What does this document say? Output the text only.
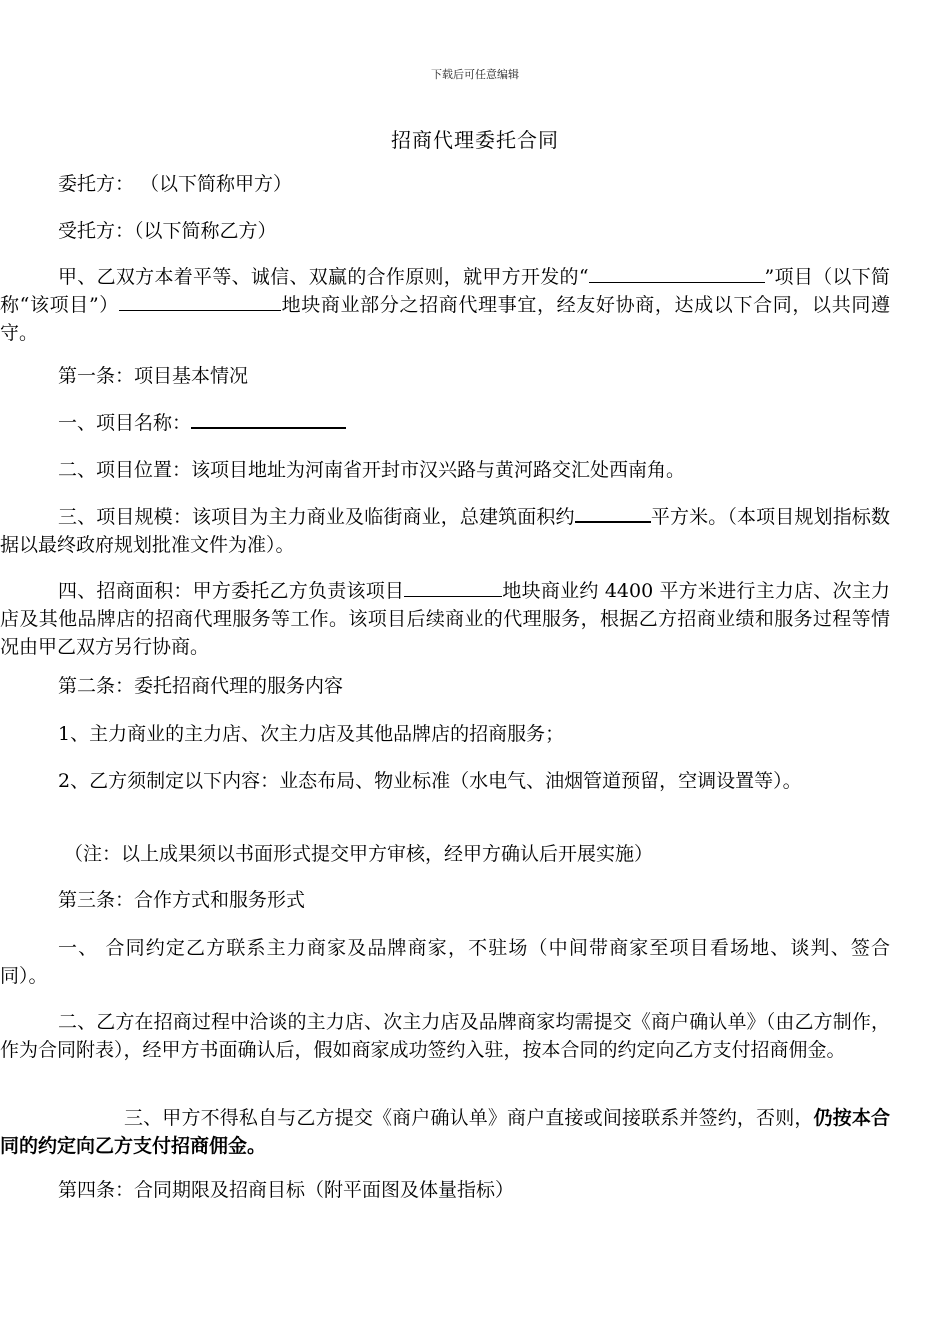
下载后可任意编辑
招商代理委托合同

委托方： （以下简称甲方）

受托方：（以下简称乙方）

甲、乙双方本着平等、诚信、双赢的合作原则，就甲方开发的“	”项目（以下简称“该项目”）	地块商业部分之招商代理事宜，经友好协商，达成以下合同，以共同遵守。

第一条：项目基本情况

一、项目名称：

二、项目位置：该项目地址为河南省开封市汉兴路与黄河路交汇处西南角。

三、项目规模：该项目为主力商业及临街商业，总建筑面积约	平方米。（本项目规划指标数据以最终政府规划批准文件为准）。

四、招商面积：甲方委托乙方负责该项目	地块商业约 4400 平方米进行主力店、次主力店及其他品牌店的招商代理服务等工作。该项目后续商业的代理服务，根据乙方招商业绩和服务过程等情况由甲乙双方另行协商。

第二条：委托招商代理的服务内容

1、主力商业的主力店、次主力店及其他品牌店的招商服务；

2、乙方须制定以下内容：业态布局、物业标准（水电气、油烟管道预留，空调设置等）。

（注：以上成果须以书面形式提交甲方审核，经甲方确认后开展实施）

第三条：合作方式和服务形式

一、 合同约定乙方联系主力商家及品牌商家，不驻场（中间带商家至项目看场地、谈判、签合同）。

二、乙方在招商过程中洽谈的主力店、次主力店及品牌商家均需提交《商户确认单》（由乙方制作，作为合同附表），经甲方书面确认后，假如商家成功签约入驻，按本合同的约定向乙方支付招商佣金。

三、甲方不得私自与乙方提交《商户确认单》商户直接或间接联系并签约，否则，仍按本合同的约定向乙方支付招商佣金。

第四条：合同期限及招商目标（附平面图及体量指标）
